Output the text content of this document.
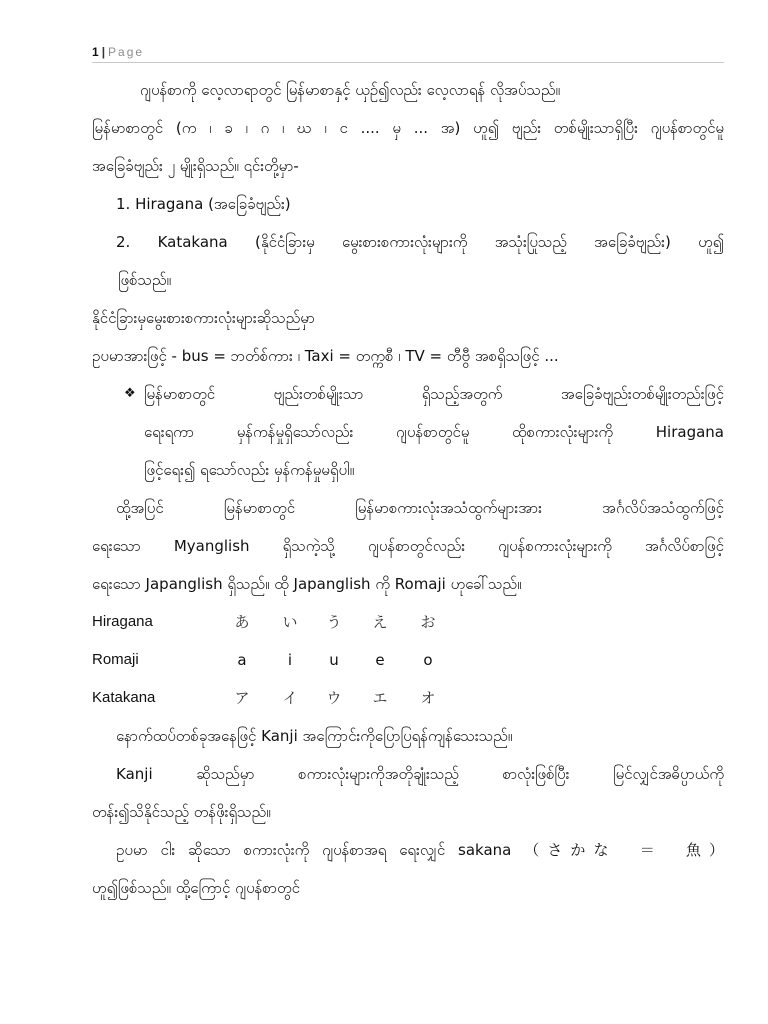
1 | Page
ဂျပန်စာကို လေ့လာရာတွင် မြန်မာစာနှင့် ယှဉ်၍လည်း လေ့လာရန် လိုအပ်သည်။
မြန်မာစာတွင် (က ၊ ခ ၊ ဂ ၊ ဃ ၊ င .... မှ ... အ) ဟူ၍ ဗျည်း တစ်မျိုးသာရှိပြီး ဂျပန်စာတွင်မူ
အခြေခံဗျည်း ၂ မျိုးရှိသည်။ ၎င်းတို့မှာ-
1. Hiragana (အခြေခံဗျည်း)
2. Katakana (နိုင်ငံခြားမှ မွေးစားစကားလုံးများကို အသုံးပြုသည့် အခြေခံဗျည်း) ဟူ၍
ဖြစ်သည်။
နိုင်ငံခြားမှမွေးစားစကားလုံးများဆိုသည်မှာ
ဥပမာအားဖြင့် - bus = ဘတ်စ်ကား ၊ Taxi = တက္ကစီ ၊ TV = တီဗွီ အစရှိသဖြင့် ...
❖ မြန်မာစာတွင် ဗျည်းတစ်မျိုးသာ ရှိသည့်အတွက် အခြေခံဗျည်းတစ်မျိုးတည်းဖြင့်
ရေးရကာ မှန်ကန်မှုရှိသော်လည်း ဂျပန်စာတွင်မူ ထိုစကားလုံးများကို Hiragana
ဖြင့်ရေး၍ ရသော်လည်း မှန်ကန်မှုမရှိပါ။
ထို့အပြင် မြန်မာစာတွင် မြန်မာစကားလုံးအသံထွက်များအား အင်္ဂလိပ်အသံထွက်ဖြင့်
ရေးသော Myanglish ရှိသကဲ့သို့ ဂျပန်စာတွင်လည်း ဂျပန်စကားလုံးများကို အင်္ဂလိပ်စာဖြင့်
ရေးသော Japanglish ရှိသည်။ ထို Japanglish ကို Romaji ဟုခေါ်သည်။
Hiragana	あ	い	う	え	お
Romaji	a	i	u	e	o
Katakana	ア	イ	ウ	エ	オ
နောက်ထပ်တစ်ခုအနေဖြင့် Kanji အကြောင်းကိုပြောပြရန်ကျန်သေးသည်။
Kanji ဆိုသည်မှာ စကားလုံးများကိုအတိုချုံးသည့် စာလုံးဖြစ်ပြီး မြင်လျှင်အဓိပ္ပာယ်ကို
တန်း၍သိနိုင်သည့် တန်ဖိုးရှိသည်။
ဥပမာ ငါး ဆိုသော စကားလုံးကို ဂျပန်စာအရ ရေးလျှင် sakana （さかな　＝　魚）
ဟူ၍ဖြစ်သည်။ ထို့ကြောင့် ဂျပန်စာတွင်
